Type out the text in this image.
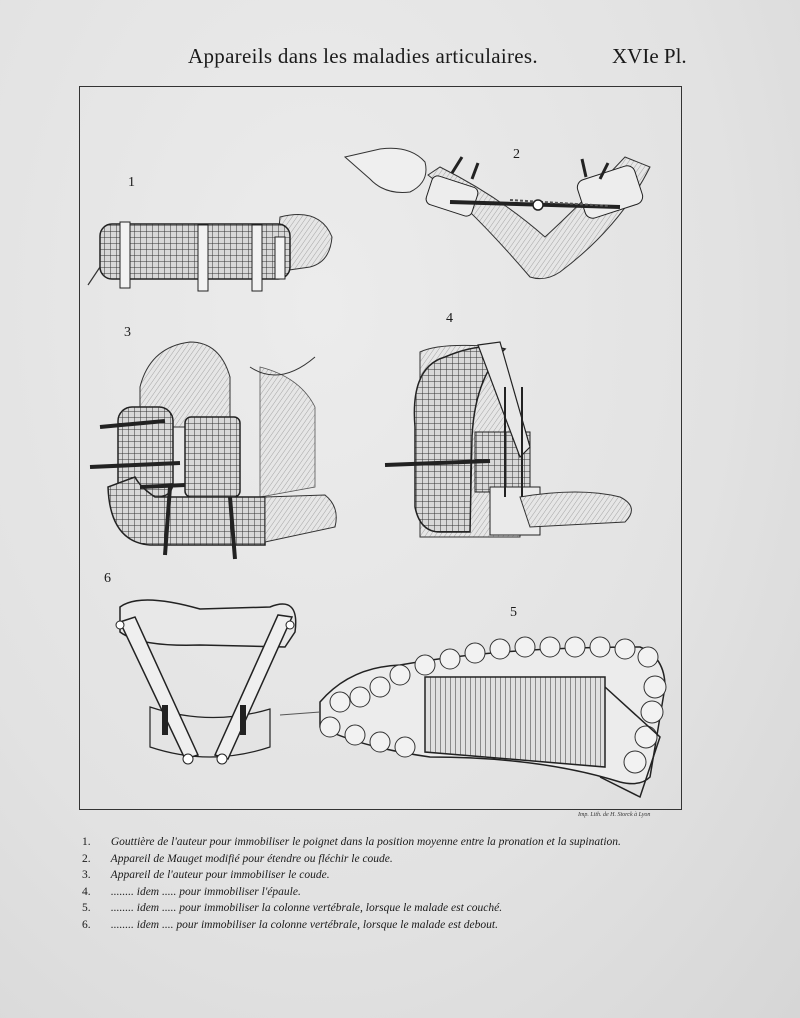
Appareils dans les maladies articulaires.	XVIe Pl.
1
2
3
4
5
6
Imp. Lith. de H. Storck à Lyon
1. Gouttière de l'auteur pour immobiliser le poignet dans la position moyenne entre la pronation et la supination.
2. Appareil de Mauget modifié pour étendre ou fléchir le coude.
3. Appareil de l'auteur pour immobiliser le coude.
4. ........ idem ..... pour immobiliser l'épaule.
5. ........ idem ..... pour immobiliser la colonne vertébrale, lorsque le malade est couché.
6. ........ idem .... pour immobiliser la colonne vertébrale, lorsque le malade est debout.
